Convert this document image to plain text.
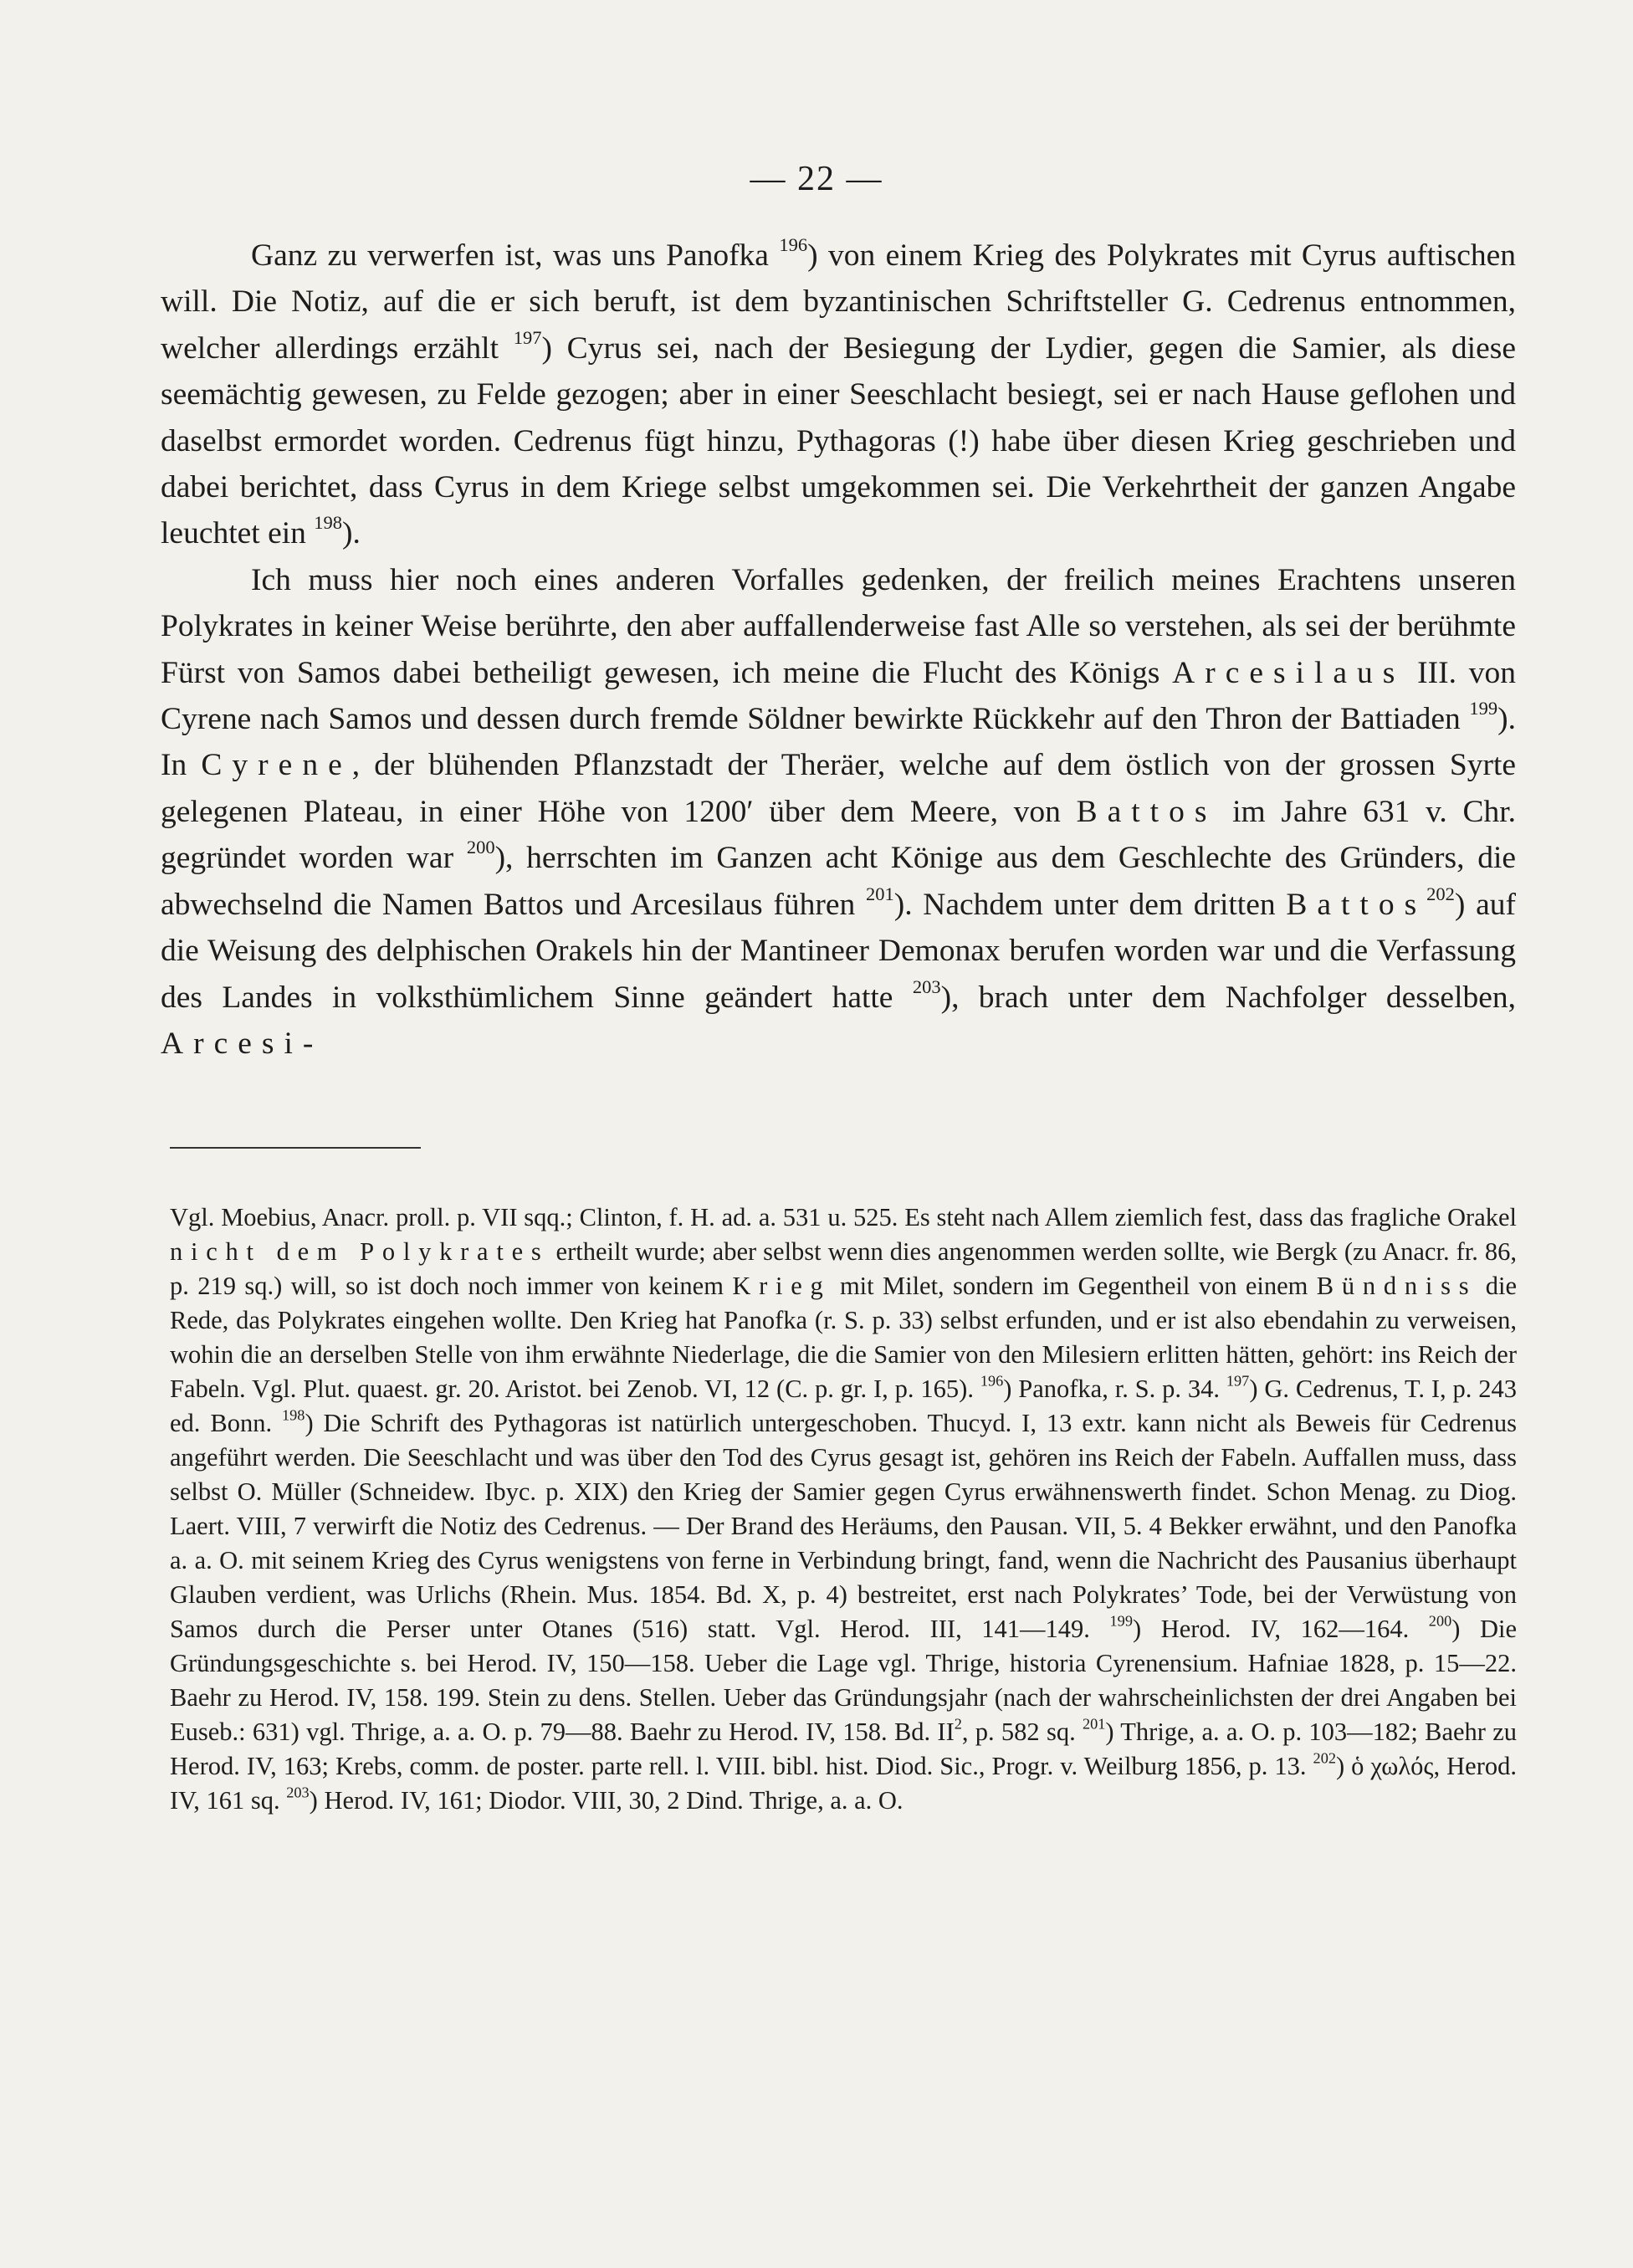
— 22 —

Ganz zu verwerfen ist, was uns Panofka $^{196}$) von einem Krieg des Polykrates mit Cyrus auftischen will. Die Notiz, auf die er sich beruft, ist dem byzantinischen Schriftsteller G. Cedrenus entnommen, welcher allerdings erzählt $^{197}$) Cyrus sei, nach der Besiegung der Lydier, gegen die Samier, als diese seemächtig gewesen, zu Felde gezogen; aber in einer Seeschlacht besiegt, sei er nach Hause geflohen und daselbst ermordet worden. Cedrenus fügt hinzu, Pythagoras (!) habe über diesen Krieg geschrieben und dabei berichtet, dass Cyrus in dem Kriege selbst umgekommen sei. Die Verkehrtheit der ganzen Angabe leuchtet ein $^{198}$).

Ich muss hier noch eines anderen Vorfalles gedenken, der freilich meines Erachtens unseren Polykrates in keiner Weise berührte, den aber auffallenderweise fast Alle so verstehen, als sei der berühmte Fürst von Samos dabei betheiligt gewesen, ich meine die Flucht des Königs Arcesilaus III. von Cyrene nach Samos und dessen durch fremde Söldner bewirkte Rückkehr auf den Thron der Battiaden $^{199}$). In Cyrene, der blühenden Pflanzstadt der Theräer, welche auf dem östlich von der grossen Syrte gelegenen Plateau, in einer Höhe von 1200′ über dem Meere, von Battos im Jahre 631 v. Chr. gegründet worden war $^{200}$), herrschten im Ganzen acht Könige aus dem Geschlechte des Gründers, die abwechselnd die Namen Battos und Arcesilaus führen $^{201}$). Nachdem unter dem dritten Battos$^{202}$) auf die Weisung des delphischen Orakels hin der Mantineer Demonax berufen worden war und die Verfassung des Landes in volksthümlichem Sinne geändert hatte $^{203}$), brach unter dem Nachfolger desselben, Arcesi-

Vgl. Moebius, Anacr. proll. p. VII sqq.; Clinton, f. H. ad. a. 531 u. 525. Es steht nach Allem ziemlich fest, dass das fragliche Orakel nicht dem Polykrates ertheilt wurde; aber selbst wenn dies angenommen werden sollte, wie Bergk (zu Anacr. fr. 86, p. 219 sq.) will, so ist doch noch immer von keinem Krieg mit Milet, sondern im Gegentheil von einem Bündniss die Rede, das Polykrates eingehen wollte. Den Krieg hat Panofka (r. S. p. 33) selbst erfunden, und er ist also ebendahin zu verweisen, wohin die an derselben Stelle von ihm erwähnte Niederlage, die die Samier von den Milesiern erlitten hätten, gehört: ins Reich der Fabeln. Vgl. Plut. quaest. gr. 20. Aristot. bei Zenob. VI, 12 (C. p. gr. I, p. 165). $^{196}$) Panofka, r. S. p. 34. $^{197}$) G. Cedrenus, T. I, p. 243 ed. Bonn. $^{198}$) Die Schrift des Pythagoras ist natürlich untergeschoben. Thucyd. I, 13 extr. kann nicht als Beweis für Cedrenus angeführt werden. Die Seeschlacht und was über den Tod des Cyrus gesagt ist, gehören ins Reich der Fabeln. Auffallen muss, dass selbst O. Müller (Schneidew. Ibyc. p. XIX) den Krieg der Samier gegen Cyrus erwähnenswerth findet. Schon Menag. zu Diog. Laert. VIII, 7 verwirft die Notiz des Cedrenus. — Der Brand des Heräums, den Pausan. VII, 5. 4 Bekker erwähnt, und den Panofka a. a. O. mit seinem Krieg des Cyrus wenigstens von ferne in Verbindung bringt, fand, wenn die Nachricht des Pausanius überhaupt Glauben verdient, was Urlichs (Rhein. Mus. 1854. Bd. X, p. 4) bestreitet, erst nach Polykrates’ Tode, bei der Verwüstung von Samos durch die Perser unter Otanes (516) statt. Vgl. Herod. III, 141—149. $^{199}$) Herod. IV, 162—164. $^{200}$) Die Gründungsgeschichte s. bei Herod. IV, 150—158. Ueber die Lage vgl. Thrige, historia Cyrenensium. Hafniae 1828, p. 15—22. Baehr zu Herod. IV, 158. 199. Stein zu dens. Stellen. Ueber das Gründungsjahr (nach der wahrscheinlichsten der drei Angaben bei Euseb.: 631) vgl. Thrige, a. a. O. p. 79—88. Baehr zu Herod. IV, 158. Bd. $II^2$, p. 582 sq. $^{201}$) Thrige, a. a. O. p. 103—182; Baehr zu Herod. IV, 163; Krebs, comm. de poster. parte rell. l. VIII. bibl. hist. Diod. Sic., Progr. v. Weilburg 1856, p. 13. $^{202}$) ὁ χωλός, Herod. IV, 161 sq. $^{203}$) Herod. IV, 161; Diodor. VIII, 30, 2 Dind. Thrige, a. a. O.
